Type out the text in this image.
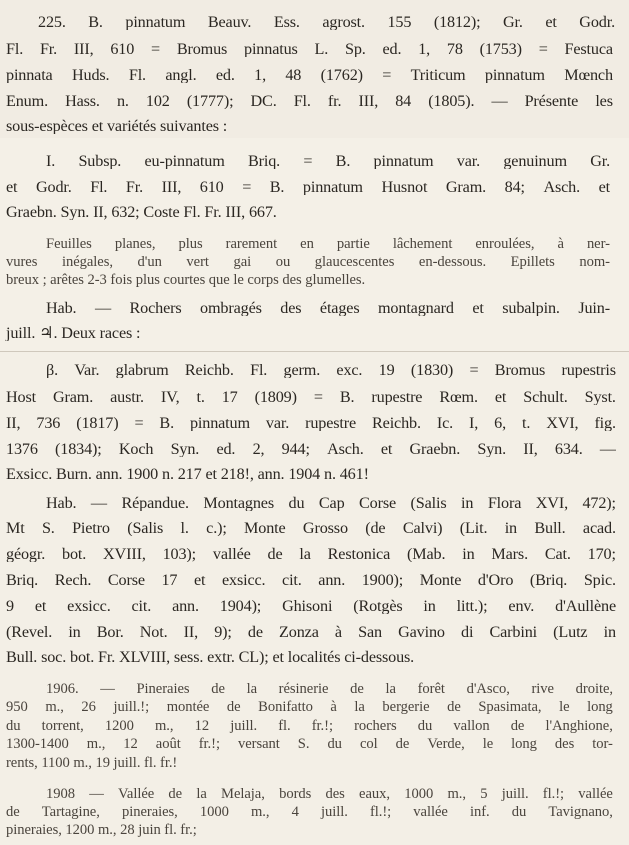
225. B. pinnatum Beauv. Ess. agrost. 155 (1812); Gr. et Godr.
Fl. Fr. III, 610 = Bromus pinnatus L. Sp. ed. 1, 78 (1753) = Festuca
pinnata Huds. Fl. angl. ed. 1, 48 (1762) = Triticum pinnatum Mœnch
Enum. Hass. n. 102 (1777); DC. Fl. fr. III, 84 (1805). — Présente les
sous-espèces et variétés suivantes :
I. Subsp. eu-pinnatum Briq. = B. pinnatum var. genuinum Gr.
et Godr. Fl. Fr. III, 610 = B. pinnatum Husnot Gram. 84; Asch. et
Graebn. Syn. II, 632; Coste Fl. Fr. III, 667.
Feuilles planes, plus rarement en partie lâchement enroulées, à ner-
vures inégales, d'un vert gai ou glaucescentes en-dessous. Epillets nom-
breux ; arêtes 2-3 fois plus courtes que le corps des glumelles.
Hab. — Rochers ombragés des étages montagnard et subalpin. Juin-
juill. ♃. Deux races :
β. Var. glabrum Reichb. Fl. germ. exc. 19 (1830) = Bromus rupestris
Host Gram. austr. IV, t. 17 (1809) = B. rupestre Rœm. et Schult. Syst.
II, 736 (1817) = B. pinnatum var. rupestre Reichb. Ic. I, 6, t. XVI, fig.
1376 (1834); Koch Syn. ed. 2, 944; Asch. et Graebn. Syn. II, 634. —
Exsicc. Burn. ann. 1900 n. 217 et 218!, ann. 1904 n. 461!
Hab. — Répandue. Montagnes du Cap Corse (Salis in Flora XVI, 472);
Mt S. Pietro (Salis l. c.); Monte Grosso (de Calvi) (Lit. in Bull. acad.
géogr. bot. XVIII, 103); vallée de la Restonica (Mab. in Mars. Cat. 170;
Briq. Rech. Corse 17 et exsicc. cit. ann. 1900); Monte d'Oro (Briq. Spic.
9 et exsicc. cit. ann. 1904); Ghisoni (Rotgès in litt.); env. d'Aullène
(Revel. in Bor. Not. II, 9); de Zonza à San Gavino di Carbini (Lutz in
Bull. soc. bot. Fr. XLVIII, sess. extr. CL); et localités ci-dessous.
1906. — Pineraies de la résinerie de la forêt d'Asco, rive droite,
950 m., 26 juill.!; montée de Bonifatto à la bergerie de Spasimata, le long
du torrent, 1200 m., 12 juill. fl. fr.!; rochers du vallon de l'Anghione,
1300-1400 m., 12 août fr.!; versant S. du col de Verde, le long des tor-
rents, 1100 m., 19 juill. fl. fr.!
1908 — Vallée de la Melaja, bords des eaux, 1000 m., 5 juill. fl.!; vallée
de Tartagine, pineraies, 1000 m., 4 juill. fl.!; vallée inf. du Tavignano,
pineraies, 1200 m., 28 juin fl. fr.;
